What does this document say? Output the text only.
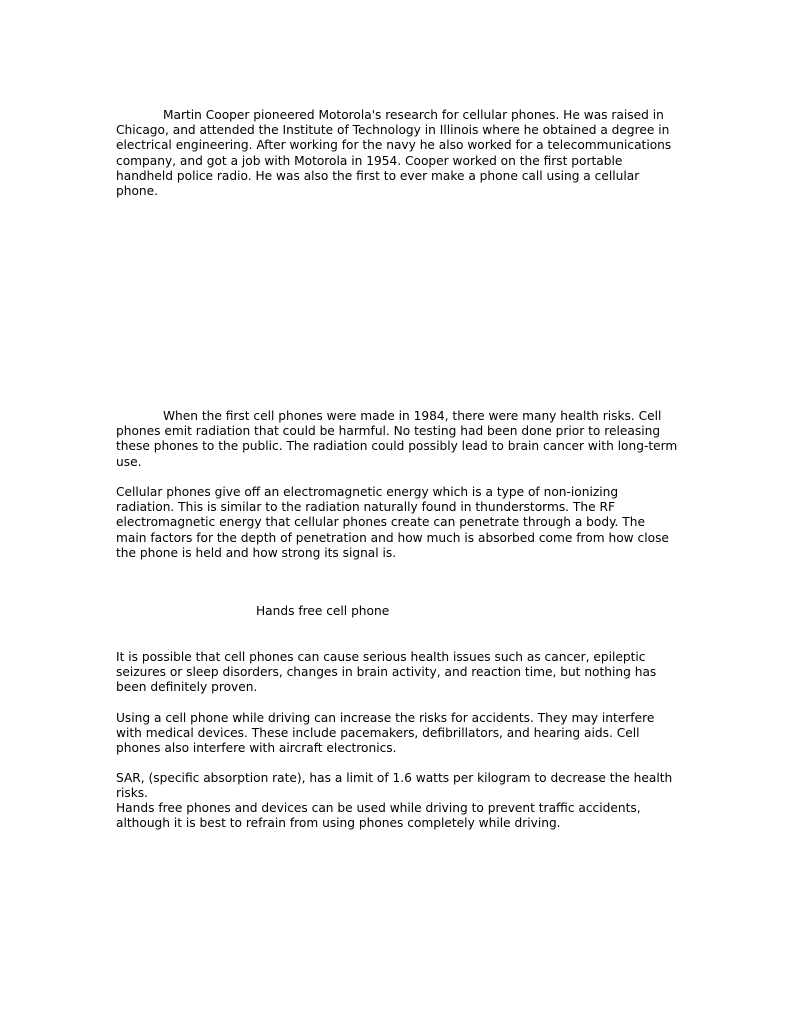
Martin Cooper pioneered Motorola's research for cellular phones. He was raised in Chicago, and attended the Institute of Technology in Illinois where he obtained a degree in electrical engineering. After working for the navy he also worked for a telecommunications company, and got a job with Motorola in 1954. Cooper worked on the first portable handheld police radio. He was also the first to ever make a phone call using a cellular phone.

When the first cell phones were made in 1984, there were many health risks. Cell phones emit radiation that could be harmful. No testing had been done prior to releasing these phones to the public. The radiation could possibly lead to brain cancer with long-term use.

Cellular phones give off an electromagnetic energy which is a type of non-ionizing radiation. This is similar to the radiation naturally found in thunderstorms. The RF electromagnetic energy that cellular phones create can penetrate through a body. The main factors for the depth of penetration and how much is absorbed come from how close the phone is held and how strong its signal is.

Hands free cell phone

It is possible that cell phones can cause serious health issues such as cancer, epileptic seizures or sleep disorders, changes in brain activity, and reaction time, but nothing has been definitely proven.

Using a cell phone while driving can increase the risks for accidents. They may interfere with medical devices. These include pacemakers, defibrillators, and hearing aids. Cell phones also interfere with aircraft electronics.

SAR, (specific absorption rate), has a limit of 1.6 watts per kilogram to decrease the health risks.

Hands free phones and devices can be used while driving to prevent traffic accidents, although it is best to refrain from using phones completely while driving.
